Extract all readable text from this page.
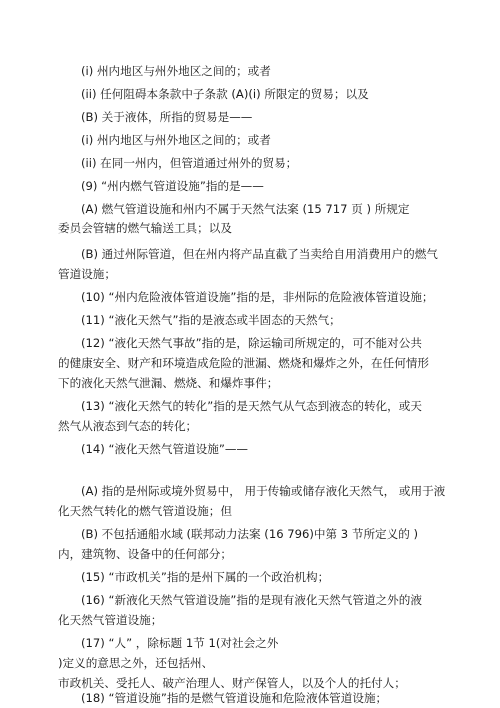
(i) 州内地区与州外地区之间的；或者
(ii) 任何阻碍本条款中子条款 (A)(i) 所限定的贸易；以及
(B) 关于液体，所指的贸易是——
(i) 州内地区与州外地区之间的；或者
(ii) 在同一州内，但管道通过州外的贸易；
(9) “州内燃气管道设施”指的是——
(A) 燃气管道设施和州内不属于天然气法案 (15 717 页 ) 所规定
委员会管辖的燃气输送工具；以及
(B) 通过州际管道，但在州内将产品直截了当卖给自用消费用户的燃气
管道设施；
(10) “州内危险液体管道设施”指的是，非州际的危险液体管道设施；
(11) “液化天然气”指的是液态或半固态的天然气；
(12) “液化天然气事故”指的是，除运输司所规定的，可不能对公共
的健康安全、财产和环境造成危险的泄漏、燃烧和爆炸之外，在任何情形
下的液化天然气泄漏、燃烧、和爆炸事件；
(13) “液化天然气的转化”指的是天然气从气态到液态的转化，或天
然气从液态到气态的转化；
(14) “液化天然气管道设施”——
(A) 指的是州际或境外贸易中， 用于传输或储存液化天然气， 或用于液
化天然气转化的燃气管道设施；但
(B) 不包括通船水域 (联邦动力法案 (16 796)中第 3 节所定义的 )
内，建筑物、设备中的任何部分；
(15) “市政机关”指的是州下属的一个政治机构；
(16) “新液化天然气管道设施”指的是现有液化天然气管道之外的液
化天然气管道设施；
(17) “人” ，除标题 1节 1(对社会之外
)定义的意思之外，还包括州、
市政机关、受托人、破产治理人、财产保管人，以及个人的托付人；
(18) “管道设施”指的是燃气管道设施和危险液体管道设施；
